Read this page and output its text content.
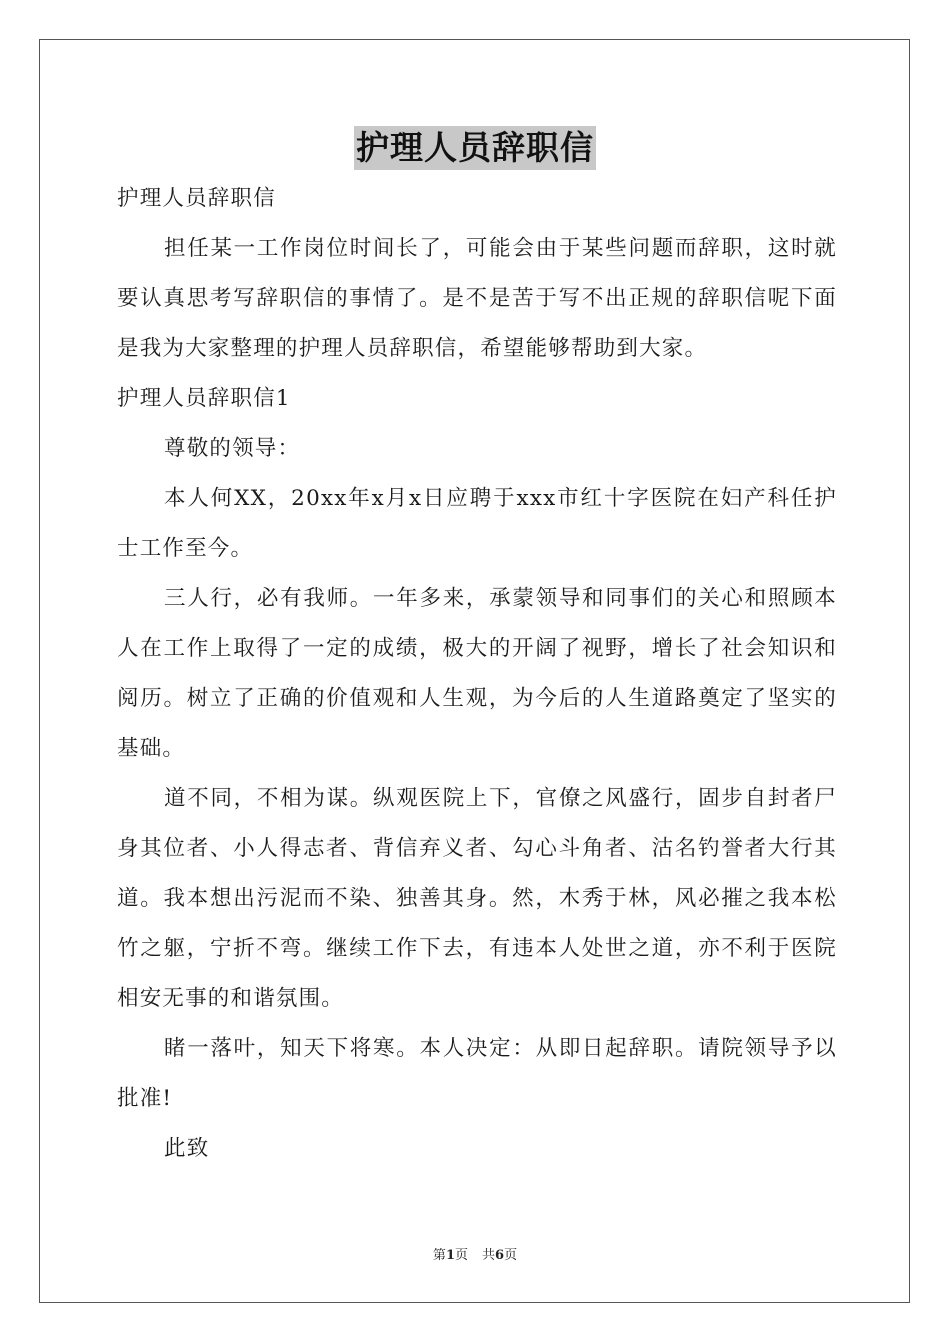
护理人员辞职信

护理人员辞职信

担任某一工作岗位时间长了，可能会由于某些问题而辞职，这时就要认真思考写辞职信的事情了。是不是苦于写不出正规的辞职信呢下面是我为大家整理的护理人员辞职信，希望能够帮助到大家。

护理人员辞职信1

尊敬的领导：

本人何XX，20xx年x月x日应聘于xxx市红十字医院在妇产科任护士工作至今。

三人行，必有我师。一年多来，承蒙领导和同事们的关心和照顾本人在工作上取得了一定的成绩，极大的开阔了视野，增长了社会知识和阅历。树立了正确的价值观和人生观，为今后的人生道路奠定了坚实的基础。

道不同，不相为谋。纵观医院上下，官僚之风盛行，固步自封者尸身其位者、小人得志者、背信弃义者、勾心斗角者、沽名钓誉者大行其道。我本想出污泥而不染、独善其身。然，木秀于林，风必摧之我本松竹之躯，宁折不弯。继续工作下去，有违本人处世之道，亦不利于医院相安无事的和谐氛围。

睹一落叶，知天下将寒。本人决定：从即日起辞职。请院领导予以批准!

此致

第1页 共6页
